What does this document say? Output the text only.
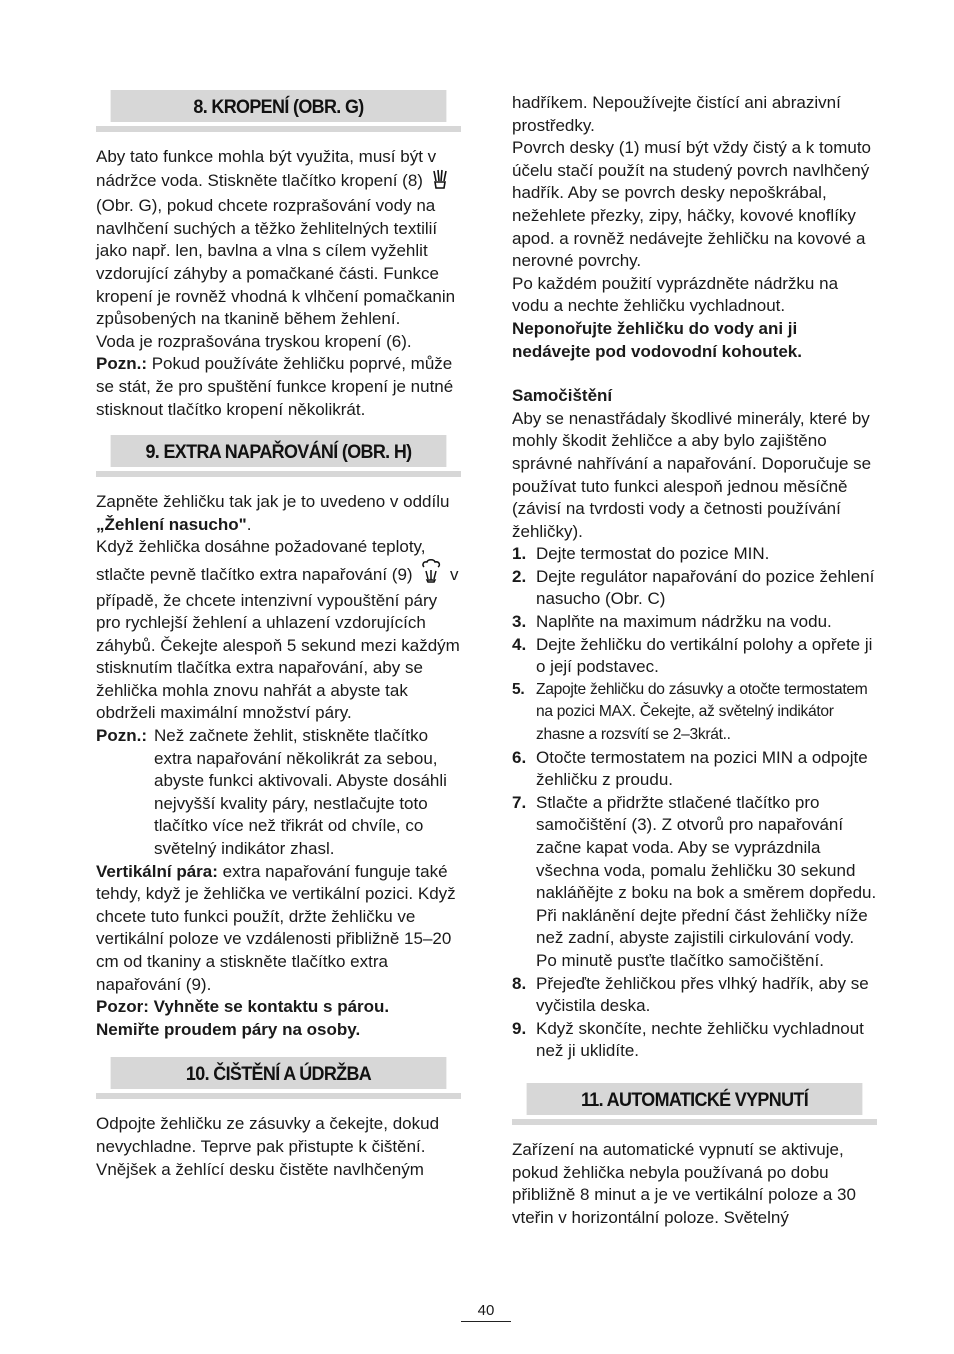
8. KROPENÍ (OBR. G)

Aby tato funkce mohla být využita, musí být v nádržce voda. Stiskněte tlačítko kropení (8)  (Obr. G), pokud chcete rozprašování vody na navlhčení suchých a těžko žehlitelných textilií jako např. len, bavlna a vlna s cílem vyžehlit vzdorující záhyby a pomačkané části. Funkce kropení je rovněž vhodná k vlhčení pomačkanin způsobených na tkanině během žehlení.

Voda je rozprašována tryskou kropení (6).

Pozn.: Pokud používáte žehličku poprvé, může se stát, že pro spuštění funkce kropení je nutné stisknout tlačítko kropení několikrát.

9. EXTRA NAPAŘOVÁNÍ (OBR. H)

Zapněte žehličku tak jak je to uvedeno v oddílu „Žehlení nasucho".

Když žehlička dosáhne požadované teploty, stlačte pevně tlačítko extra napařování (9) v případě, že chcete intenzivní vypouštění páry pro rychlejší žehlení a uhlazení vzdorujících záhybů. Čekejte alespoň 5 sekund mezi každým stisknutím tlačítka extra napařování, aby se žehlička mohla znovu nahřát a abyste tak obdrželi maximální množství páry.

Pozn.: Než začnete žehlit, stiskněte tlačítko extra napařování několikrát za sebou, abyste funkci aktivovali. Abyste dosáhli nejvyšší kvality páry, nestlačujte toto tlačítko více než třikrát od chvíle, co světelný indikátor zhasl.

Vertikální pára: extra napařování funguje také tehdy, když je žehlička ve vertikální pozici. Když chcete tuto funkci použít, držte žehličku ve vertikální poloze ve vzdálenosti přibližně 15–20 cm od tkaniny a stiskněte tlačítko extra napařování (9).

Pozor: Vyhněte se kontaktu s párou.

Nemiřte proudem páry na osoby.

10. ČIŠTĚNÍ A ÚDRŽBA

Odpojte žehličku ze zásuvky a čekejte, dokud nevychladne. Teprve pak přistupte k čištění.

Vnějšek a žehlící desku čistěte navlhčeným

hadříkem. Nepoužívejte čistící ani abrazivní prostředky.

Povrch desky (1) musí být vždy čistý a k tomuto účelu stačí použít na studený povrch navlhčený hadřík. Aby se povrch desky nepoškrábal, nežehlete přezky, zipy, háčky, kovové knoflíky apod. a rovněž nedávejte žehličku na kovové a nerovné povrchy.

Po každém použití vyprázdněte nádržku na vodu a nechte žehličku vychladnout.

Neponořujte žehličku do vody ani ji nedávejte pod vodovodní kohoutek.

Samočištění

Aby se nenastřádaly škodlivé minerály, které by mohly škodit žehličce a aby bylo zajištěno správné nahřívání a napařování. Doporučuje se používat tuto funkci alespoň jednou měsíčně (závisí na tvrdosti vody a četnosti používání žehličky).

1. Dejte termostat do pozice MIN.
2. Dejte regulátor napařování do pozice žehlení nasucho (Obr. C)
3. Naplňte na maximum nádržku na vodu.
4. Dejte žehličku do vertikální polohy a opřete ji o její podstavec.
5. Zapojte žehličku do zásuvky a otočte termostatem na pozici MAX. Čekejte, až světelný indikátor zhasne a rozsvítí se 2–3krát..
6. Otočte termostatem na pozici MIN a odpojte žehličku z proudu.
7. Stlačte a přidržte stlačené tlačítko pro samočištění (3). Z otvorů pro napařování začne kapat voda. Aby se vyprázdnila všechna voda, pomalu žehličku 30 sekund nakláňějte z boku na bok a směrem dopředu. Při naklánění dejte přední část žehličky níže než zadní, abyste zajistili cirkulování vody. Po minutě pusťte tlačítko samočištění.
8. Přejeďte žehličkou přes vlhký hadřík, aby se vyčistila deska.
9. Když skončíte, nechte žehličku vychladnout než ji uklidíte.
11. AUTOMATICKÉ VYPNUTÍ

Zařízení na automatické vypnutí se aktivuje, pokud žehlička nebyla používaná po dobu přibližně 8 minut a je ve vertikální poloze a 30 vteřin v horizontální poloze. Světelný

40
